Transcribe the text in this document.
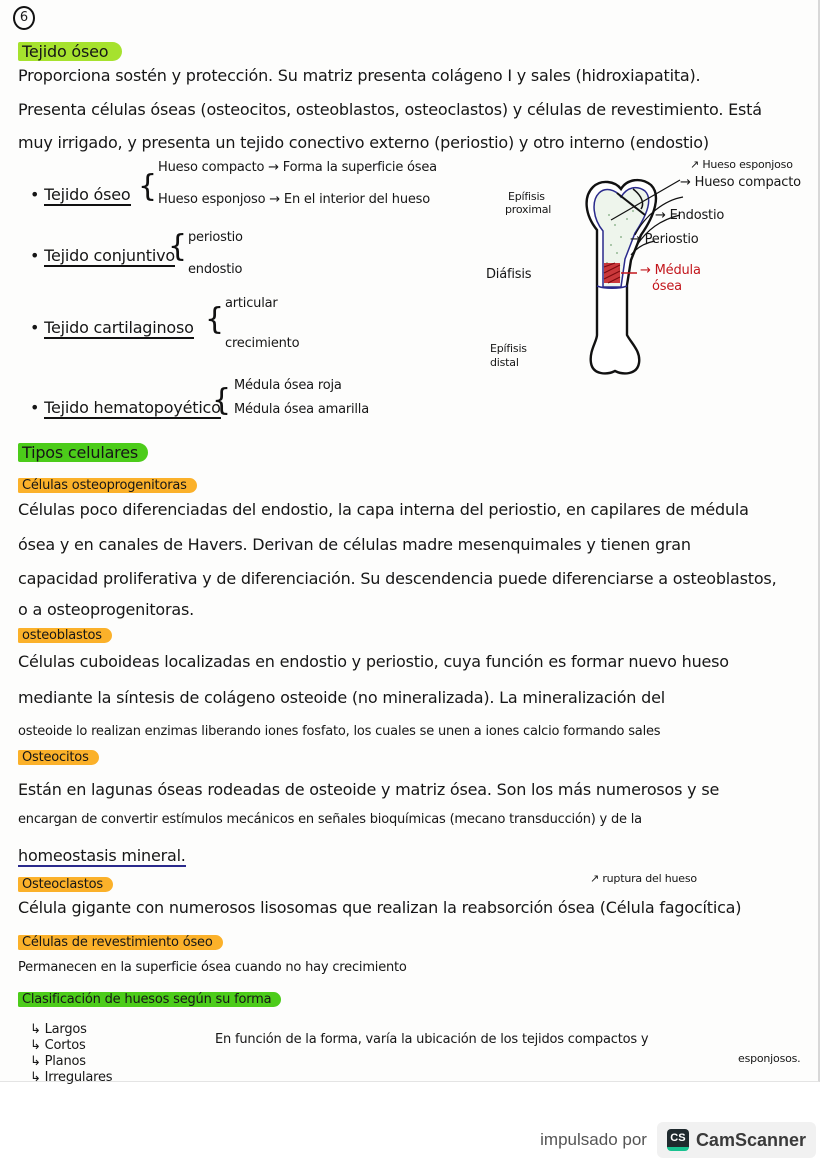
6
Tejido óseo
Proporciona sostén y protección. Su matriz presenta colágeno I y sales (hidroxiapatita).
Presenta células óseas (osteocitos, osteoblastos, osteoclastos) y células de revestimiento. Está
muy irrigado, y presenta un tejido conectivo externo (periostio) y otro interno (endostio)
• Tejido óseo {
Hueso compacto → Forma la superficie ósea
Hueso esponjoso → En el interior del hueso
• Tejido conjuntivo
{ periostio
endostio
• Tejido cartilaginoso { articular
crecimiento
• Tejido hematopoyético
{ Médula ósea roja
Médula ósea amarilla
Epífisis
proximal
Diáfisis
Epífisis
distal
↗ Hueso esponjoso
→ Hueso compacto
→ Endostio
→ Periostio
→ Médula
ósea
Tipos celulares
Células osteoprogenitoras
Células poco diferenciadas del endostio, la capa interna del periostio, en capilares de médula
ósea y en canales de Havers. Derivan de células madre mesenquimales y tienen gran
capacidad proliferativa y de diferenciación. Su descendencia puede diferenciarse a osteoblastos,
o a osteoprogenitoras.
osteoblastos
Células cuboideas localizadas en endostio y periostio, cuya función es formar nuevo hueso
mediante la síntesis de colágeno osteoide (no mineralizada). La mineralización del
osteoide lo realizan enzimas liberando iones fosfato, los cuales se unen a iones calcio formando sales
Osteocitos
Están en lagunas óseas rodeadas de osteoide y matriz ósea. Son los más numerosos y se
encargan de convertir estímulos mecánicos en señales bioquímicas (mecano transducción) y de la
homeostasis mineral.
Osteoclastos	↗ ruptura del hueso
Célula gigante con numerosos lisosomas que realizan la reabsorción ósea (Célula fagocítica)
Células de revestimiento óseo
Permanecen en la superficie ósea cuando no hay crecimiento
Clasificación de huesos según su forma
↳ Largos
↳ Cortos
↳ Planos
↳ Irregulares
En función de la forma, varía la ubicación de los tejidos compactos y
esponjosos.
impulsado por	CS CamScanner
